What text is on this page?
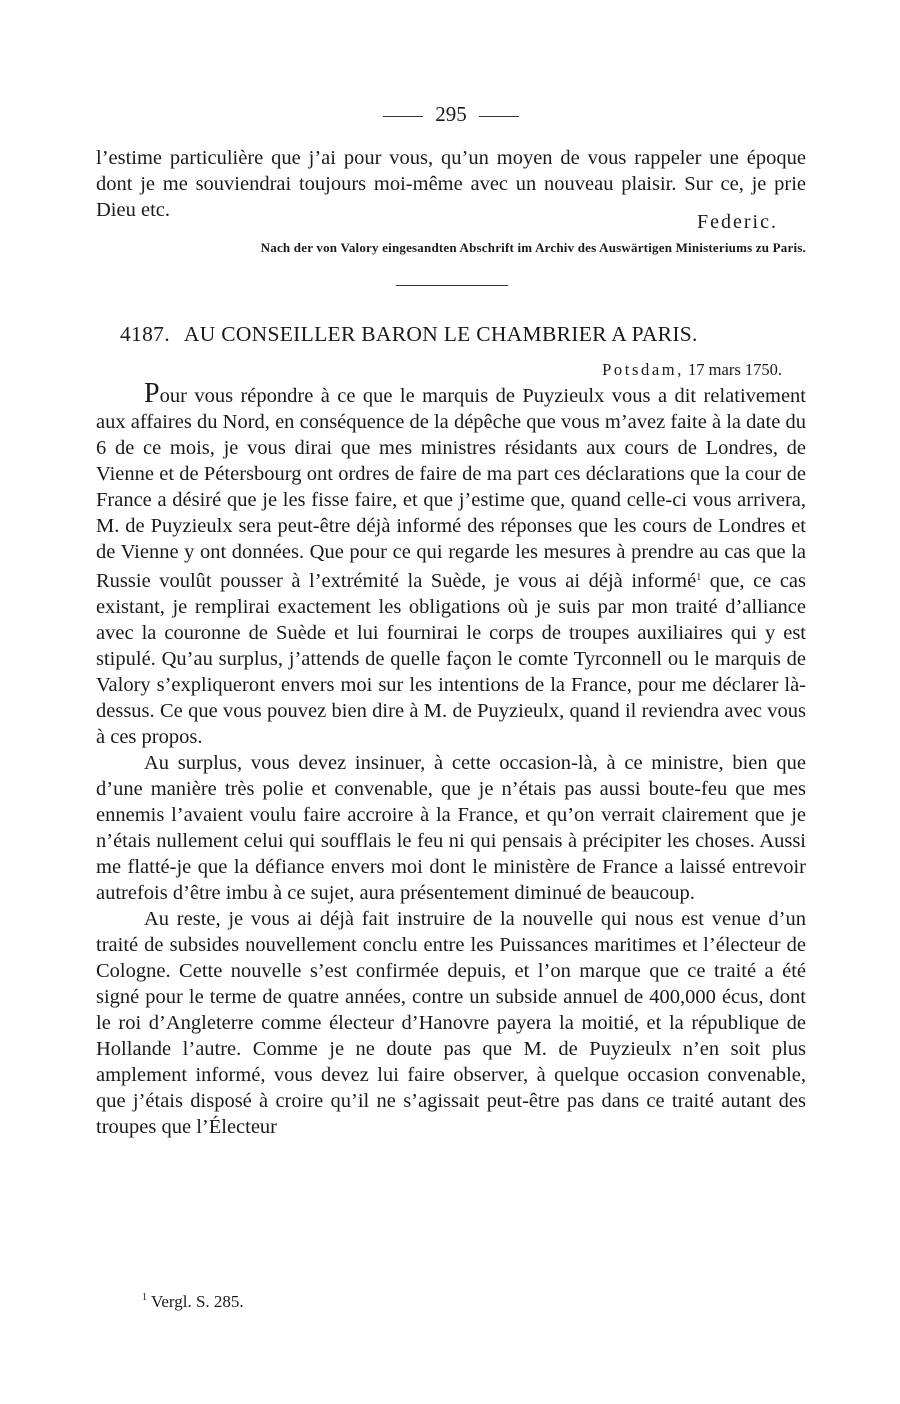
295

l’estime particulière que j’ai pour vous, qu’un moyen de vous rappeler une époque dont je me souviendrai toujours moi-même avec un nouveau plaisir. Sur ce, je prie Dieu etc.

Federic.
Nach der von Valory eingesandten Abschrift im Archiv des Auswärtigen Ministeriums zu Paris.
4187. AU CONSEILLER BARON LE CHAMBRIER A PARIS.
Potsdam, 17 mars 1750.

Pour vous répondre à ce que le marquis de Puyzieulx vous a dit relativement aux affaires du Nord, en conséquence de la dépêche que vous m’avez faite à la date du 6 de ce mois, je vous dirai que mes ministres résidants aux cours de Londres, de Vienne et de Pétersbourg ont ordres de faire de ma part ces déclarations que la cour de France a désiré que je les fisse faire, et que j’estime que, quand celle-ci vous arrivera, M. de Puyzieulx sera peut-être déjà informé des réponses que les cours de Londres et de Vienne y ont données. Que pour ce qui regarde les mesures à prendre au cas que la Russie voulût pousser à l’extrémité la Suède, je vous ai déjà informé$^1$ que, ce cas existant, je remplirai exactement les obligations où je suis par mon traité d’alliance avec la couronne de Suède et lui fournirai le corps de troupes auxiliaires qui y est stipulé. Qu’au surplus, j’attends de quelle façon le comte Tyrconnell ou le marquis de Valory s’expliqueront envers moi sur les intentions de la France, pour me déclarer là-dessus. Ce que vous pouvez bien dire à M. de Puyzieulx, quand il reviendra avec vous à ces propos.

Au surplus, vous devez insinuer, à cette occasion-là, à ce ministre, bien que d’une manière très polie et convenable, que je n’étais pas aussi boute-feu que mes ennemis l’avaient voulu faire accroire à la France, et qu’on verrait clairement que je n’étais nullement celui qui soufflais le feu ni qui pensais à précipiter les choses. Aussi me flatté-je que la défiance envers moi dont le ministère de France a laissé entrevoir autrefois d’être imbu à ce sujet, aura présentement diminué de beaucoup.

Au reste, je vous ai déjà fait instruire de la nouvelle qui nous est venue d’un traité de subsides nouvellement conclu entre les Puissances maritimes et l’électeur de Cologne. Cette nouvelle s’est confirmée depuis, et l’on marque que ce traité a été signé pour le terme de quatre années, contre un subside annuel de 400,000 écus, dont le roi d’Angleterre comme électeur d’Hanovre payera la moitié, et la république de Hollande l’autre. Comme je ne doute pas que M. de Puyzieulx n’en soit plus amplement informé, vous devez lui faire observer, à quelque occasion convenable, que j’étais disposé à croire qu’il ne s’agissait peut-être pas dans ce traité autant des troupes que l’Électeur

$^1$ Vergl. S. 285.
